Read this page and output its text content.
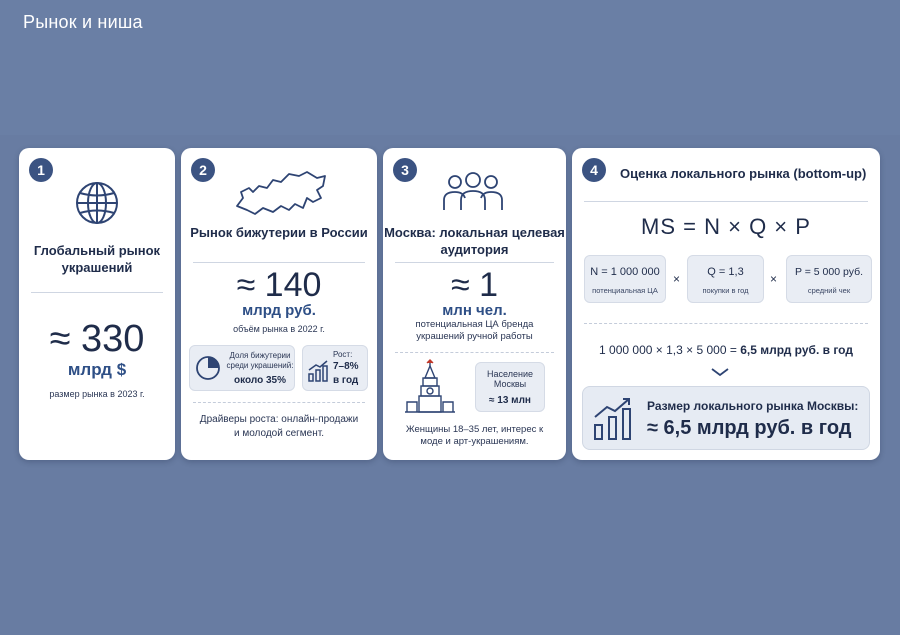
Рынок и ниша
1
Глобальный рынок украшений
≈ 330
млрд $
размер рынка в 2023 г.
2
Рынок бижутерии в России
≈ 140
млрд руб.
объём рынка в 2022 г.
Доля бижутерии среди украшений:
около 35%
Рост:
7–8%
в год
Драйверы роста: онлайн-продажи и молодой сегмент.
3
Москва: локальная целевая аудитория
≈ 1
млн чел.
потенциальная ЦА бренда украшений ручной работы
Население Москвы
≈ 13 млн
Женщины 18–35 лет, интерес к моде и арт-украшениям.
4	Оценка локального рынка (bottom-up)
MS = N × Q × P
N = 1 000 000
потенциальная ЦА
×	Q = 1,3
покупки в год
×	P = 5 000 руб.
средний чек
1 000 000 × 1,3 × 5 000 = 6,5 млрд руб. в год
Размер локального рынка Москвы:
≈ 6,5 млрд руб. в год
